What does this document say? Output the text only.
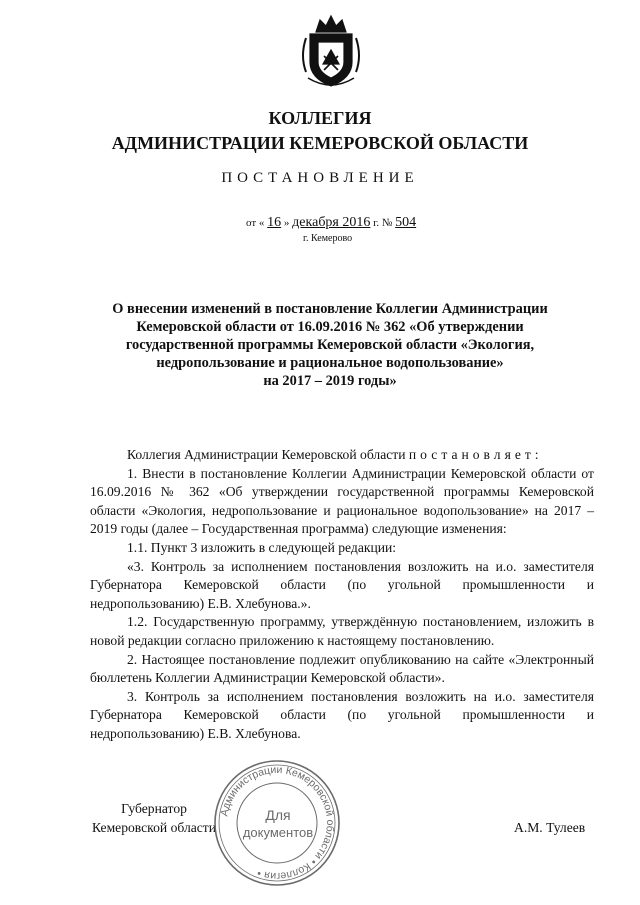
КОЛЛЕГИЯ
АДМИНИСТРАЦИИ КЕМЕРОВСКОЙ ОБЛАСТИ
ПОСТАНОВЛЕНИЕ
от « 16 » декабря 2016 г. № 504
г. Кемерово
О внесении изменений в постановление Коллегии Администрации
Кемеровской области от 16.09.2016 № 362 «Об утверждении
государственной программы Кемеровской области «Экология,
недропользование и рациональное водопользование»
на 2017 – 2019 годы»

Коллегия Администрации Кемеровской области постановляет:

1. Внести в постановление Коллегии Администрации Кемеровской области от 16.09.2016 № 362 «Об утверждении государственной программы Кемеровской области «Экология, недропользование и рациональное водопользование» на 2017 – 2019 годы (далее – Государственная программа) следующие изменения:

1.1. Пункт 3 изложить в следующей редакции:

«3. Контроль за исполнением постановления возложить на и.о. заместителя Губернатора Кемеровской области (по угольной промышленности и недропользованию) Е.В. Хлебунова.».

1.2. Государственную программу, утверждённую постановлением, изложить в новой редакции согласно приложению к настоящему постановлению.

2. Настоящее постановление подлежит опубликованию на сайте «Электронный бюллетень Коллегии Администрации Кемеровской области».

3. Контроль за исполнением постановления возложить на и.о. заместителя Губернатора Кемеровской области (по угольной промышленности и недропользованию) Е.В. Хлебунова.

Губернатор
Кемеровской области	А.М. Тулеев
Администрации Кемеровской области • Коллегия •
Для
документов
